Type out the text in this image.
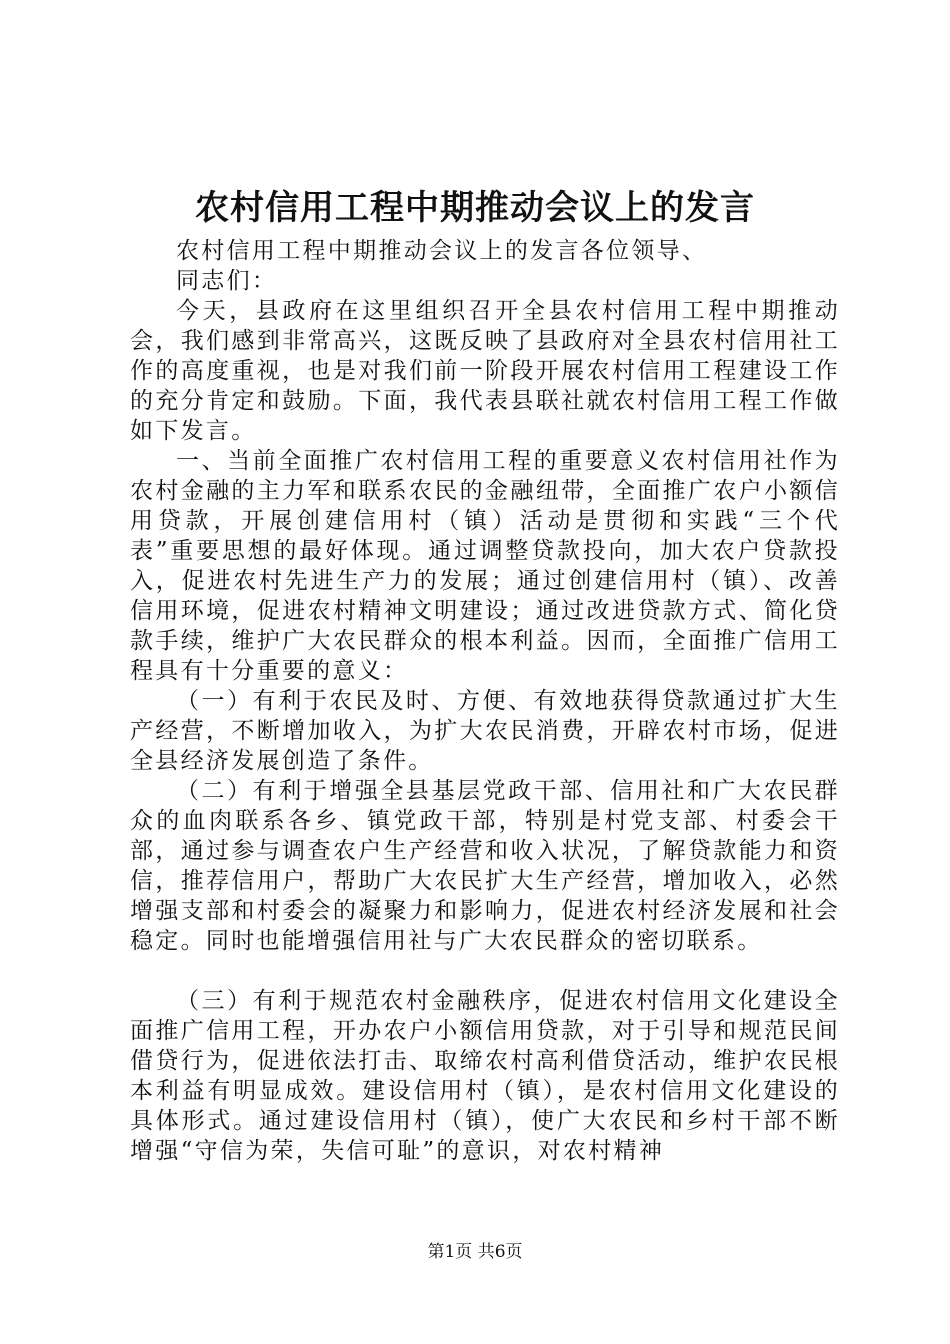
农村信用工程中期推动会议上的发言

农村信用工程中期推动会议上的发言各位领导、

同志们：

今天，县政府在这里组织召开全县农村信用工程中期推动会，我们感到非常高兴，这既反映了县政府对全县农村信用社工作的高度重视，也是对我们前一阶段开展农村信用工程建设工作的充分肯定和鼓励。下面，我代表县联社就农村信用工程工作做如下发言。

一、当前全面推广农村信用工程的重要意义农村信用社作为农村金融的主力军和联系农民的金融纽带，全面推广农户小额信用贷款，开展创建信用村（镇）活动是贯彻和实践“三个代表”重要思想的最好体现。通过调整贷款投向，加大农户贷款投入，促进农村先进生产力的发展；通过创建信用村（镇）、改善信用环境，促进农村精神文明建设；通过改进贷款方式、简化贷款手续，维护广大农民群众的根本利益。因而，全面推广信用工程具有十分重要的意义：

（一）有利于农民及时、方便、有效地获得贷款通过扩大生产经营，不断增加收入，为扩大农民消费，开辟农村市场，促进全县经济发展创造了条件。

（二）有利于增强全县基层党政干部、信用社和广大农民群众的血肉联系各乡、镇党政干部，特别是村党支部、村委会干部，通过参与调查农户生产经营和收入状况，了解贷款能力和资信，推荐信用户，帮助广大农民扩大生产经营，增加收入，必然增强支部和村委会的凝聚力和影响力，促进农村经济发展和社会稳定。同时也能增强信用社与广大农民群众的密切联系。

（三）有利于规范农村金融秩序，促进农村信用文化建设全面推广信用工程，开办农户小额信用贷款，对于引导和规范民间借贷行为，促进依法打击、取缔农村高利借贷活动，维护农民根本利益有明显成效。建设信用村（镇），是农村信用文化建设的具体形式。通过建设信用村（镇），使广大农民和乡村干部不断增强“守信为荣，失信可耻”的意识，对农村精神

第1页 共6页
